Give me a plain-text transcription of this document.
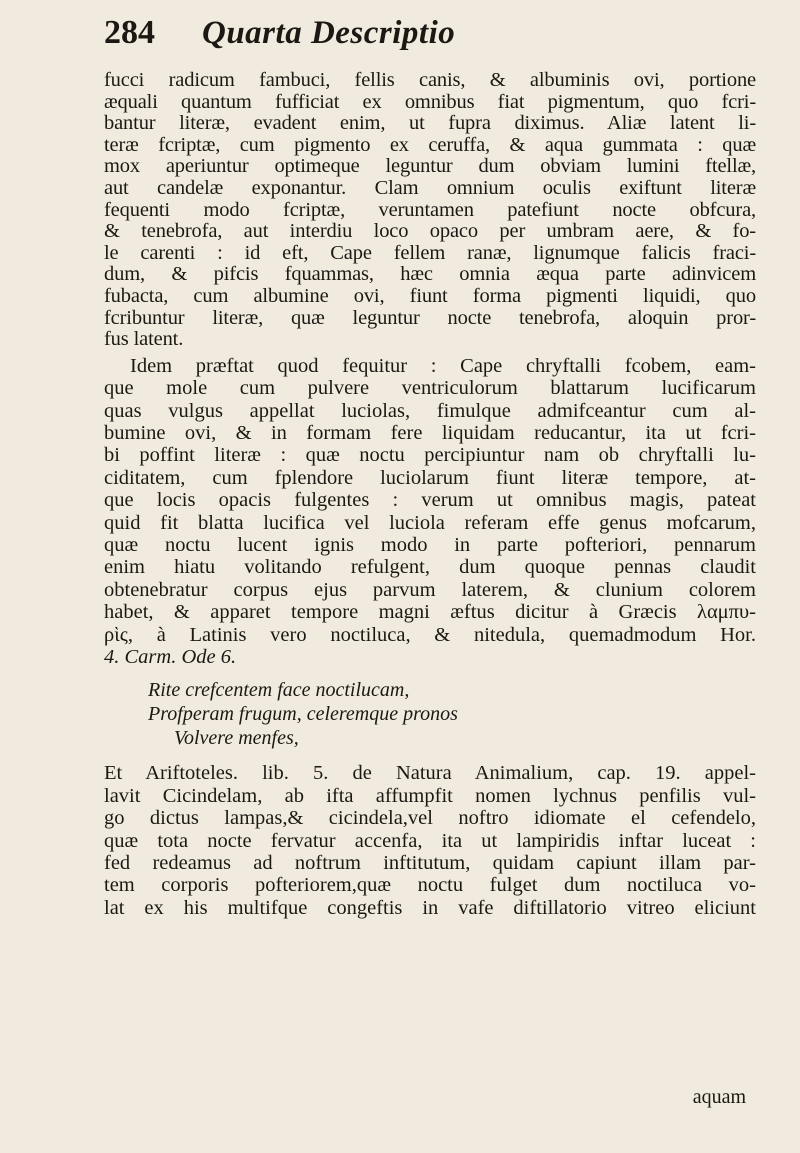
284	Quarta Descriptio
fucci radicum fambuci, fellis canis, & albuminis ovi, portione
æquali quantum fufficiat ex omnibus fiat pigmentum, quo fcri-
bantur literæ, evadent enim, ut fupra diximus. Aliæ latent li-
teræ fcriptæ, cum pigmento ex ceruffa, & aqua gummata : quæ
mox aperiuntur optimeque leguntur dum obviam lumini ftellæ,
aut candelæ exponantur. Clam omnium oculis exiftunt literæ
fequenti modo fcriptæ, veruntamen patefiunt nocte obfcura,
& tenebrofa, aut interdiu loco opaco per umbram aere, & fo-
le carenti : id eft, Cape fellem ranæ, lignumque falicis fraci-
dum, & pifcis fquammas, hæc omnia æqua parte adinvicem
fubacta, cum albumine ovi, fiunt forma pigmenti liquidi, quo
fcribuntur literæ, quæ leguntur nocte tenebrofa, aloquin pror-
fus latent.
Idem præftat quod fequitur : Cape chryftalli fcobem, eam-
que mole cum pulvere ventriculorum blattarum lucificarum
quas vulgus appellat luciolas, fimulque admifceantur cum al-
bumine ovi, & in formam fere liquidam reducantur, ita ut fcri-
bi poffint literæ : quæ noctu percipiuntur nam ob chryftalli lu-
ciditatem, cum fplendore luciolarum fiunt literæ tempore, at-
que locis opacis fulgentes : verum ut omnibus magis, pateat
quid fit blatta lucifica vel luciola referam effe genus mofcarum,
quæ noctu lucent ignis modo in parte pofteriori, pennarum
enim hiatu volitando refulgent, dum quoque pennas claudit
obtenebratur corpus ejus parvum laterem, & clunium colorem
habet, & apparet tempore magni æftus dicitur à Græcis λαμπυ-
ρὶς, à Latinis vero noctiluca, & nitedula, quemadmodum Hor.
4. Carm. Ode 6.
Rite crefcentem face noctilucam,
Profperam frugum, celeremque pronos
Volvere menfes,
Et Ariftoteles. lib. 5. de Natura Animalium, cap. 19. appel-
lavit Cicindelam, ab ifta affumpfit nomen lychnus penfilis vul-
go dictus lampas,& cicindela,vel noftro idiomate el cefendelo,
quæ tota nocte fervatur accenfa, ita ut lampiridis inftar luceat :
fed redeamus ad noftrum inftitutum, quidam capiunt illam par-
tem corporis pofteriorem,quæ noctu fulget dum noctiluca vo-
lat ex his multifque congeftis in vafe diftillatorio vitreo eliciunt
aquam
